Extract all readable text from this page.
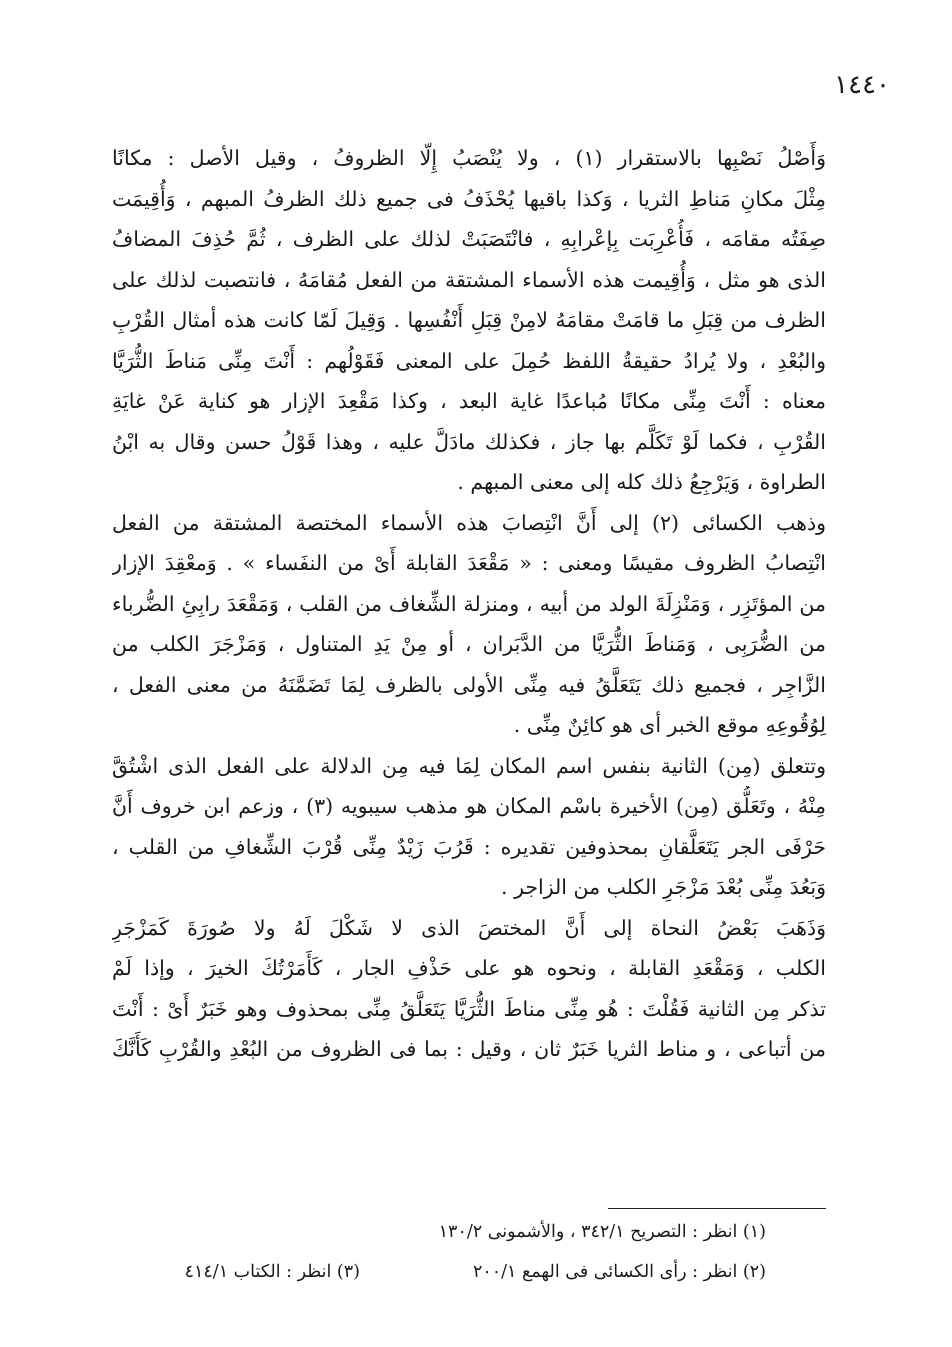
١٤٤٠
وَأَصْلُ نَصْبِها بالاستقرار (١) ، ولا يُنْصَبُ إِلّا الظروفُ ، وقيل الأصل : مكانًا
مِثْلَ مكانِ مَناطِ الثريا ، وَكذا باقيها يُحْذَفُ فى جميع ذلك الظرفُ المبهم ، وَأُقِيمَت
صِفَتُه مقامَه ، فَأُعْرِبَت بِإعْرابِهِ ، فانْتَصَبَتْ لذلك على الظرف ، ثُمَّ حُذِفَ المضافُ
الذى هو مثل ، وَأُقِيمت هذه الأسماء المشتقة من الفعل مُقامَهُ ، فانتصبت لذلك على
الظرف من قِبَلِ ما قامَتْ مقامَهُ لامِنْ قِبَلِ أَنْفُسِها . وَقِيلَ لَمّا كانت هذه أمثال القُرْبِ
والبُعْدِ ، ولا يُرادُ حقيقةُ اللفظ حُمِلَ على المعنى فَقَوْلُهم : أَنْتَ مِنِّى مَناطَ الثُّرَيَّا
معناه : أَنْتَ مِنِّى مكانًا مُباعدًا غاية البعد ، وكذا مَقْعِدَ الإزار هو كناية عَنْ غايَةِ
القُرْبِ ، فكما لَوْ تَكَلَّم بها جاز ، فكذلك مادَلَّ عليه ، وهذا قَوْلُ حسن وقال به ابْنُ
الطراوة ، وَيَرْجِعُ ذلك كله إلى معنى المبهم .
وذهب الكسائى (٢) إلى أَنَّ انْتِصابَ هذه الأسماء المختصة المشتقة من الفعل
انْتِصابُ الظروف مقيسًا ومعنى : « مَقْعَدَ القابلة أَىْ من النفَساء » . وَمعْقِدَ الإزار
من المؤتَزِر ، وَمَنْزِلَةَ الولد من أبيه ، ومنزلة الشِّغاف من القلب ، وَمَقْعَدَ رابِئِ الضُّرباء
من الضُّرَبِى ، وَمَناطَ الثُّرَيَّا من الدَّبَران ، أو مِنْ يَدِ المتناول ، وَمَزْجَرَ الكلب من
الزَّاجِر ، فجميع ذلك يَتَعَلَّقُ فيه مِنِّى الأولى بالظرف لِمَا تَضَمَّنَهُ من معنى الفعل ،
لِوُقُوعِهِ موقع الخبر أى هو كائِنٌ مِنِّى .
وتتعلق (مِن) الثانية بنفس اسم المكان لِمَا فيه مِن الدلالة على الفعل الذى اشْتُقَّ
مِنْهُ ، وتَعَلُّق (مِن) الأخيرة باسْم المكان هو مذهب سيبويه (٣) ، وزعم ابن خروف أَنَّ
حَرْفَى الجر يَتَعَلَّقانِ بمحذوفين تقديره : قَرُبَ زَيْدٌ مِنِّى قُرْبَ الشِّغافِ من القلب ،
وَبَعُدَ مِنِّى بُعْدَ مَزْجَرِ الكلب من الزاجر .
وَذَهَبَ بَعْضُ النحاة إلى أَنَّ المختصَ الذى لا شَكْلَ لَهُ ولا صُورَةَ كَمَزْجَرِ
الكلب ، وَمَقْعَدِ القابلة ، ونحوه هو على حَذْفِ الجار ، كَأَمَرْتُكَ الخيرَ ، وإذا لَمْ
تذكر مِن الثانية فَقُلْتَ : هُو مِنِّى مناطَ الثُّرَيَّا يَتَعَلَّقُ مِنِّى بمحذوف وهو خَبَرٌ أَىْ : أَنْتَ
من أتباعى ، و مناط الثريا خَبَرٌ ثان ، وقيل : بما فى الظروف من البُعْدِ والقُرْبِ كَأَنَّكَ
(١) انظر : التصريح ٣٤٢/١ ، والأشمونى ١٣٠/٢
(٢) انظر : رأى الكسائى فى الهمع ٢٠٠/١
(٣) انظر : الكتاب ٤١٤/١
